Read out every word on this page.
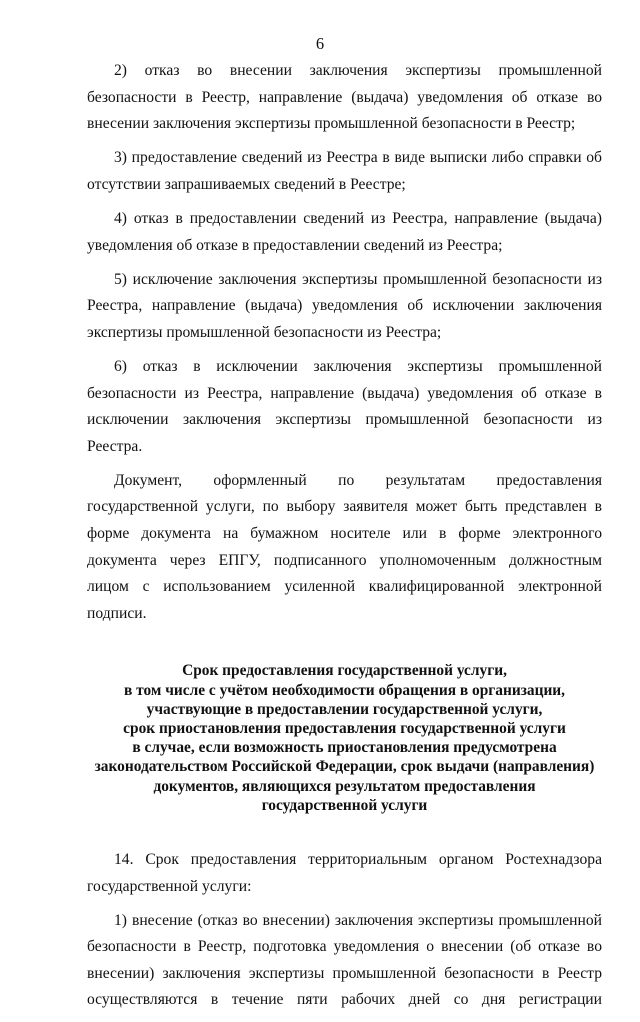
6

2) отказ во внесении заключения экспертизы промышленной безопасности в Реестр, направление (выдача) уведомления об отказе во внесении заключения экспертизы промышленной безопасности в Реестр;

3) предоставление сведений из Реестра в виде выписки либо справки об отсутствии запрашиваемых сведений в Реестре;

4) отказ в предоставлении сведений из Реестра, направление (выдача) уведомления об отказе в предоставлении сведений из Реестра;

5) исключение заключения экспертизы промышленной безопасности из Реестра, направление (выдача) уведомления об исключении заключения экспертизы промышленной безопасности из Реестра;

6) отказ в исключении заключения экспертизы промышленной безопасности из Реестра, направление (выдача) уведомления об отказе в исключении заключения экспертизы промышленной безопасности из Реестра.

Документ, оформленный по результатам предоставления государственной услуги, по выбору заявителя может быть представлен в форме документа на бумажном носителе или в форме электронного документа через ЕПГУ, подписанного уполномоченным должностным лицом с использованием усиленной квалифицированной электронной подписи.

Срок предоставления государственной услуги,
в том числе с учётом необходимости обращения в организации,
участвующие в предоставлении государственной услуги,
срок приостановления предоставления государственной услуги
в случае, если возможность приостановления предусмотрена
законодательством Российской Федерации, срок выдачи (направления)
документов, являющихся результатом предоставления
государственной услуги

14. Срок предоставления территориальным органом Ростехнадзора государственной услуги:

1) внесение (отказ во внесении) заключения экспертизы промышленной безопасности в Реестр, подготовка уведомления о внесении (об отказе во внесении) заключения экспертизы промышленной безопасности в Реестр осуществляются в течение пяти рабочих дней со дня регистрации
